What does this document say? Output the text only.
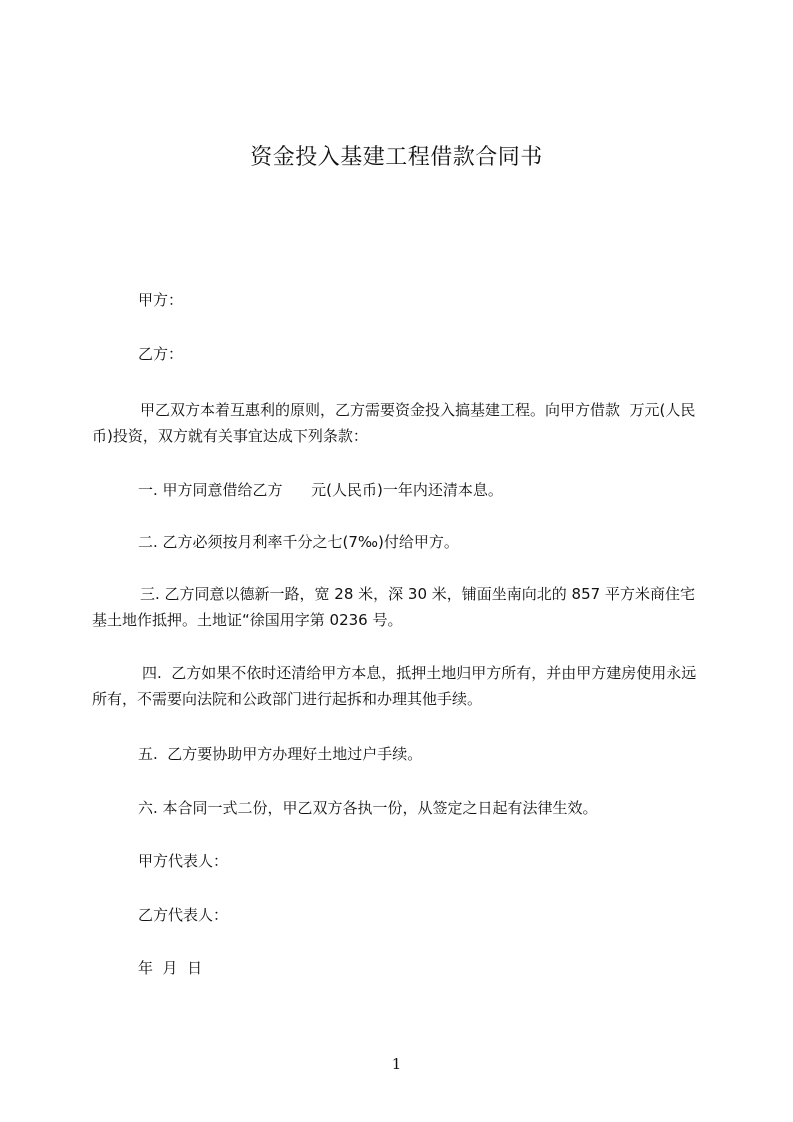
资金投入基建工程借款合同书

甲方：

乙方：

甲乙双方本着互惠利的原则，乙方需要资金投入搞基建工程。向甲方借款  万元(人民币)投资，双方就有关事宜达成下列条款：

一. 甲方同意借给乙方      元(人民币)一年内还清本息。

二. 乙方必须按月利率千分之七(7‰)付给甲方。

三. 乙方同意以德新一路，宽 28 米，深 30 米，铺面坐南向北的 857 平方米商住宅基土地作抵押。土地证“徐国用字第 0236 号。

四.  乙方如果不依时还清给甲方本息，抵押土地归甲方所有，并由甲方建房使用永远所有，不需要向法院和公政部门进行起拆和办理其他手续。

五.  乙方要协助甲方办理好土地过户手续。

六. 本合同一式二份，甲乙双方各执一份，从签定之日起有法律生效。

甲方代表人：

乙方代表人：

年  月  日

1
